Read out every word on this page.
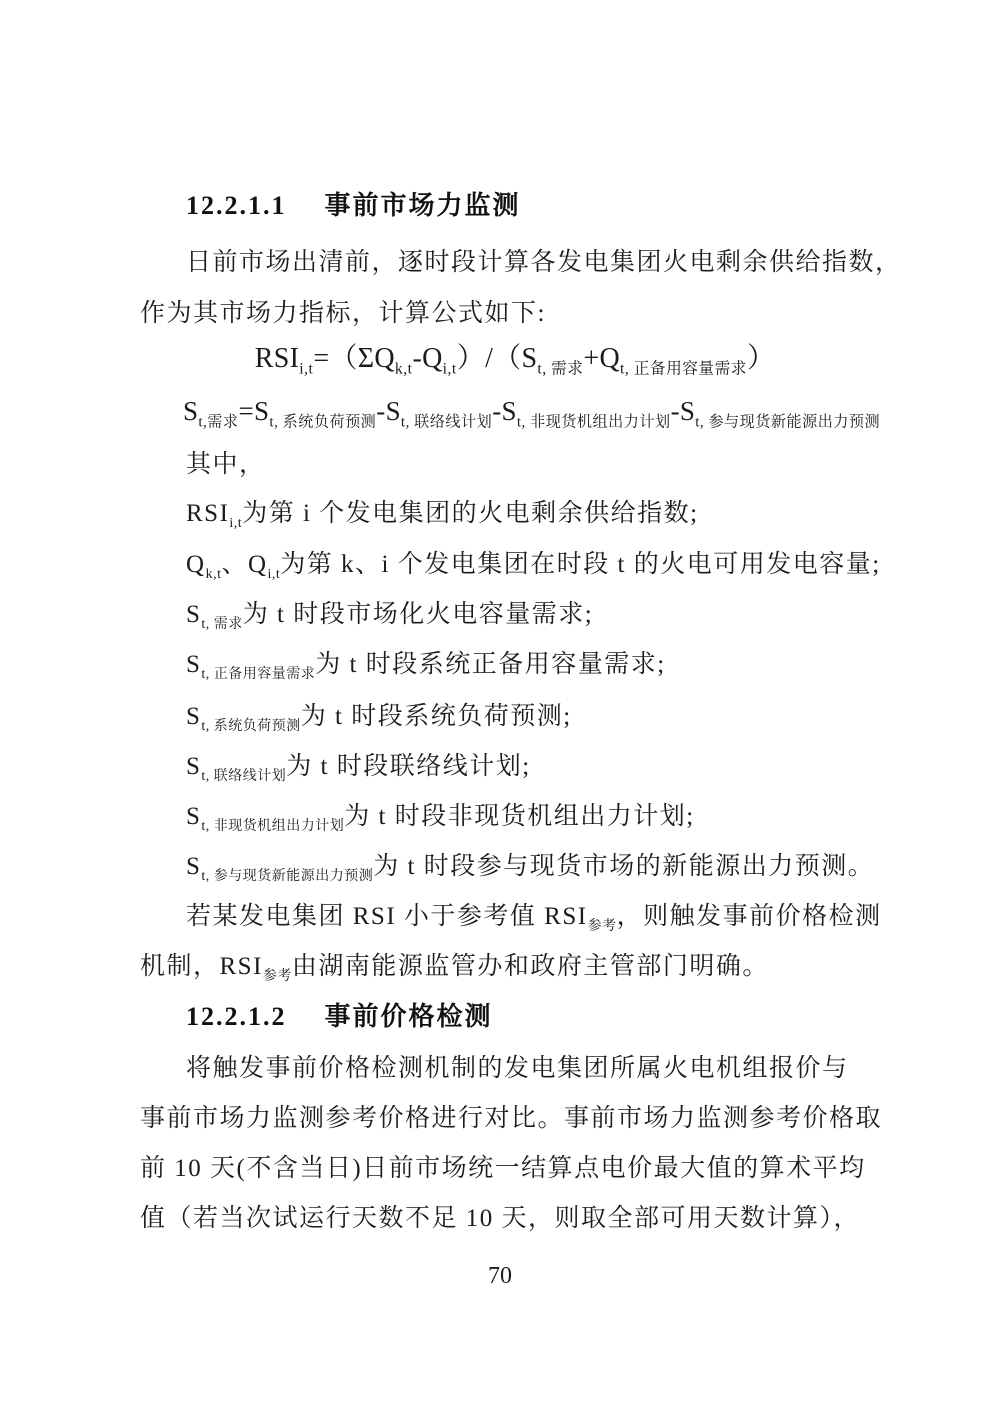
12.2.1.1 事前市场力监测
日前市场出清前，逐时段计算各发电集团火电剩余供给指数，
作为其市场力指标，计算公式如下:
$RSI_{i,t}=(\Sigma Q_{k,t}-Q_{i,t})/(S_{t, 需求}+Q_{t, 正备用容量需求})$
$S_{t,需求}=S_{t, 系统负荷预测}-S_{t, 联络线计划}-S_{t, 非现货机组出力计划}-S_{t, 参与现货新能源出力预测}$
其中，
$RSI_{i,t}$为第 i 个发电集团的火电剩余供给指数;
$Q_{k,t}$、$Q_{i,t}$为第 k、i 个发电集团在时段 t 的火电可用发电容量;
$S_{t, 需求}$为 t 时段市场化火电容量需求;
$S_{t, 正备用容量需求}$为 t 时段系统正备用容量需求;
$S_{t, 系统负荷预测}$为 t 时段系统负荷预测;
$S_{t, 联络线计划}$为 t 时段联络线计划;
$S_{t, 非现货机组出力计划}$为 t 时段非现货机组出力计划;
$S_{t, 参与现货新能源出力预测}$为 t 时段参与现货市场的新能源出力预测。
若某发电集团 RSI 小于参考值 $RSI_{参考}$，则触发事前价格检测
机制，$RSI_{参考}$由湖南能源监管办和政府主管部门明确。
12.2.1.2 事前价格检测
将触发事前价格检测机制的发电集团所属火电机组报价与
事前市场力监测参考价格进行对比。事前市场力监测参考价格取
前 10 天(不含当日)日前市场统一结算点电价最大值的算术平均
值（若当次试运行天数不足 10 天，则取全部可用天数计算），
70
